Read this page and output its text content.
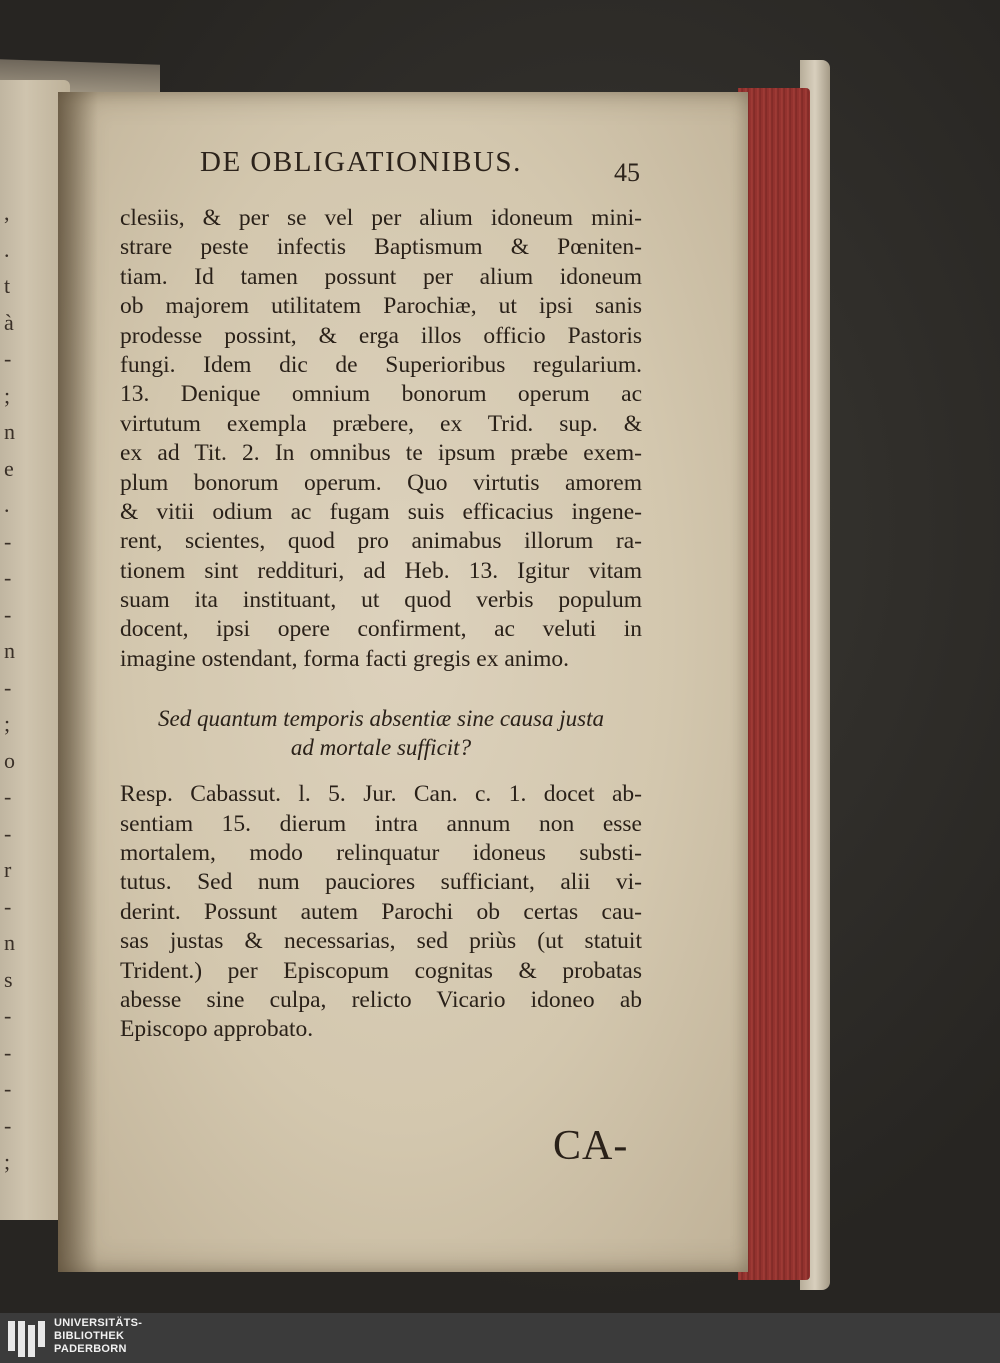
,
.
t
à
-
;
n
e
.
-
-
-
n
-
;
o
-
-
r
-
n
s
-
-
-
-
;
DE OBLIGATIONIBUS.	45
clesiis, & per se vel per alium idoneum mini-
strare peste infectis Baptismum & Pœniten-
tiam. Id tamen possunt per alium idoneum
ob majorem utilitatem Parochiæ, ut ipsi sanis
prodesse possint, & erga illos officio Pastoris
fungi. Idem dic de Superioribus regularium.
13. Denique omnium bonorum operum ac
virtutum exempla præbere, ex Trid. sup. &
ex ad Tit. 2. In omnibus te ipsum præbe exem-
plum bonorum operum. Quo virtutis amorem
& vitii odium ac fugam suis efficacius ingene-
rent, scientes, quod pro animabus illorum ra-
tionem sint reddituri, ad Heb. 13. Igitur vitam
suam ita instituant, ut quod verbis populum
docent, ipsi opere confirment, ac veluti in
imagine ostendant, forma facti gregis ex animo.
Sed quantum temporis absentiæ sine causa justa
ad mortale sufficit?
Resp. Cabassut. l. 5. Jur. Can. c. 1. docet ab-
sentiam 15. dierum intra annum non esse
mortalem, modo relinquatur idoneus substi-
tutus. Sed num pauciores sufficiant, alii vi-
derint. Possunt autem Parochi ob certas cau-
sas justas & necessarias, sed priùs (ut statuit
Trident.) per Episcopum cognitas & probatas
abesse sine culpa, relicto Vicario idoneo ab
Episcopo approbato.
CA-
UNIVERSITÄTS-
BIBLIOTHEK
PADERBORN
